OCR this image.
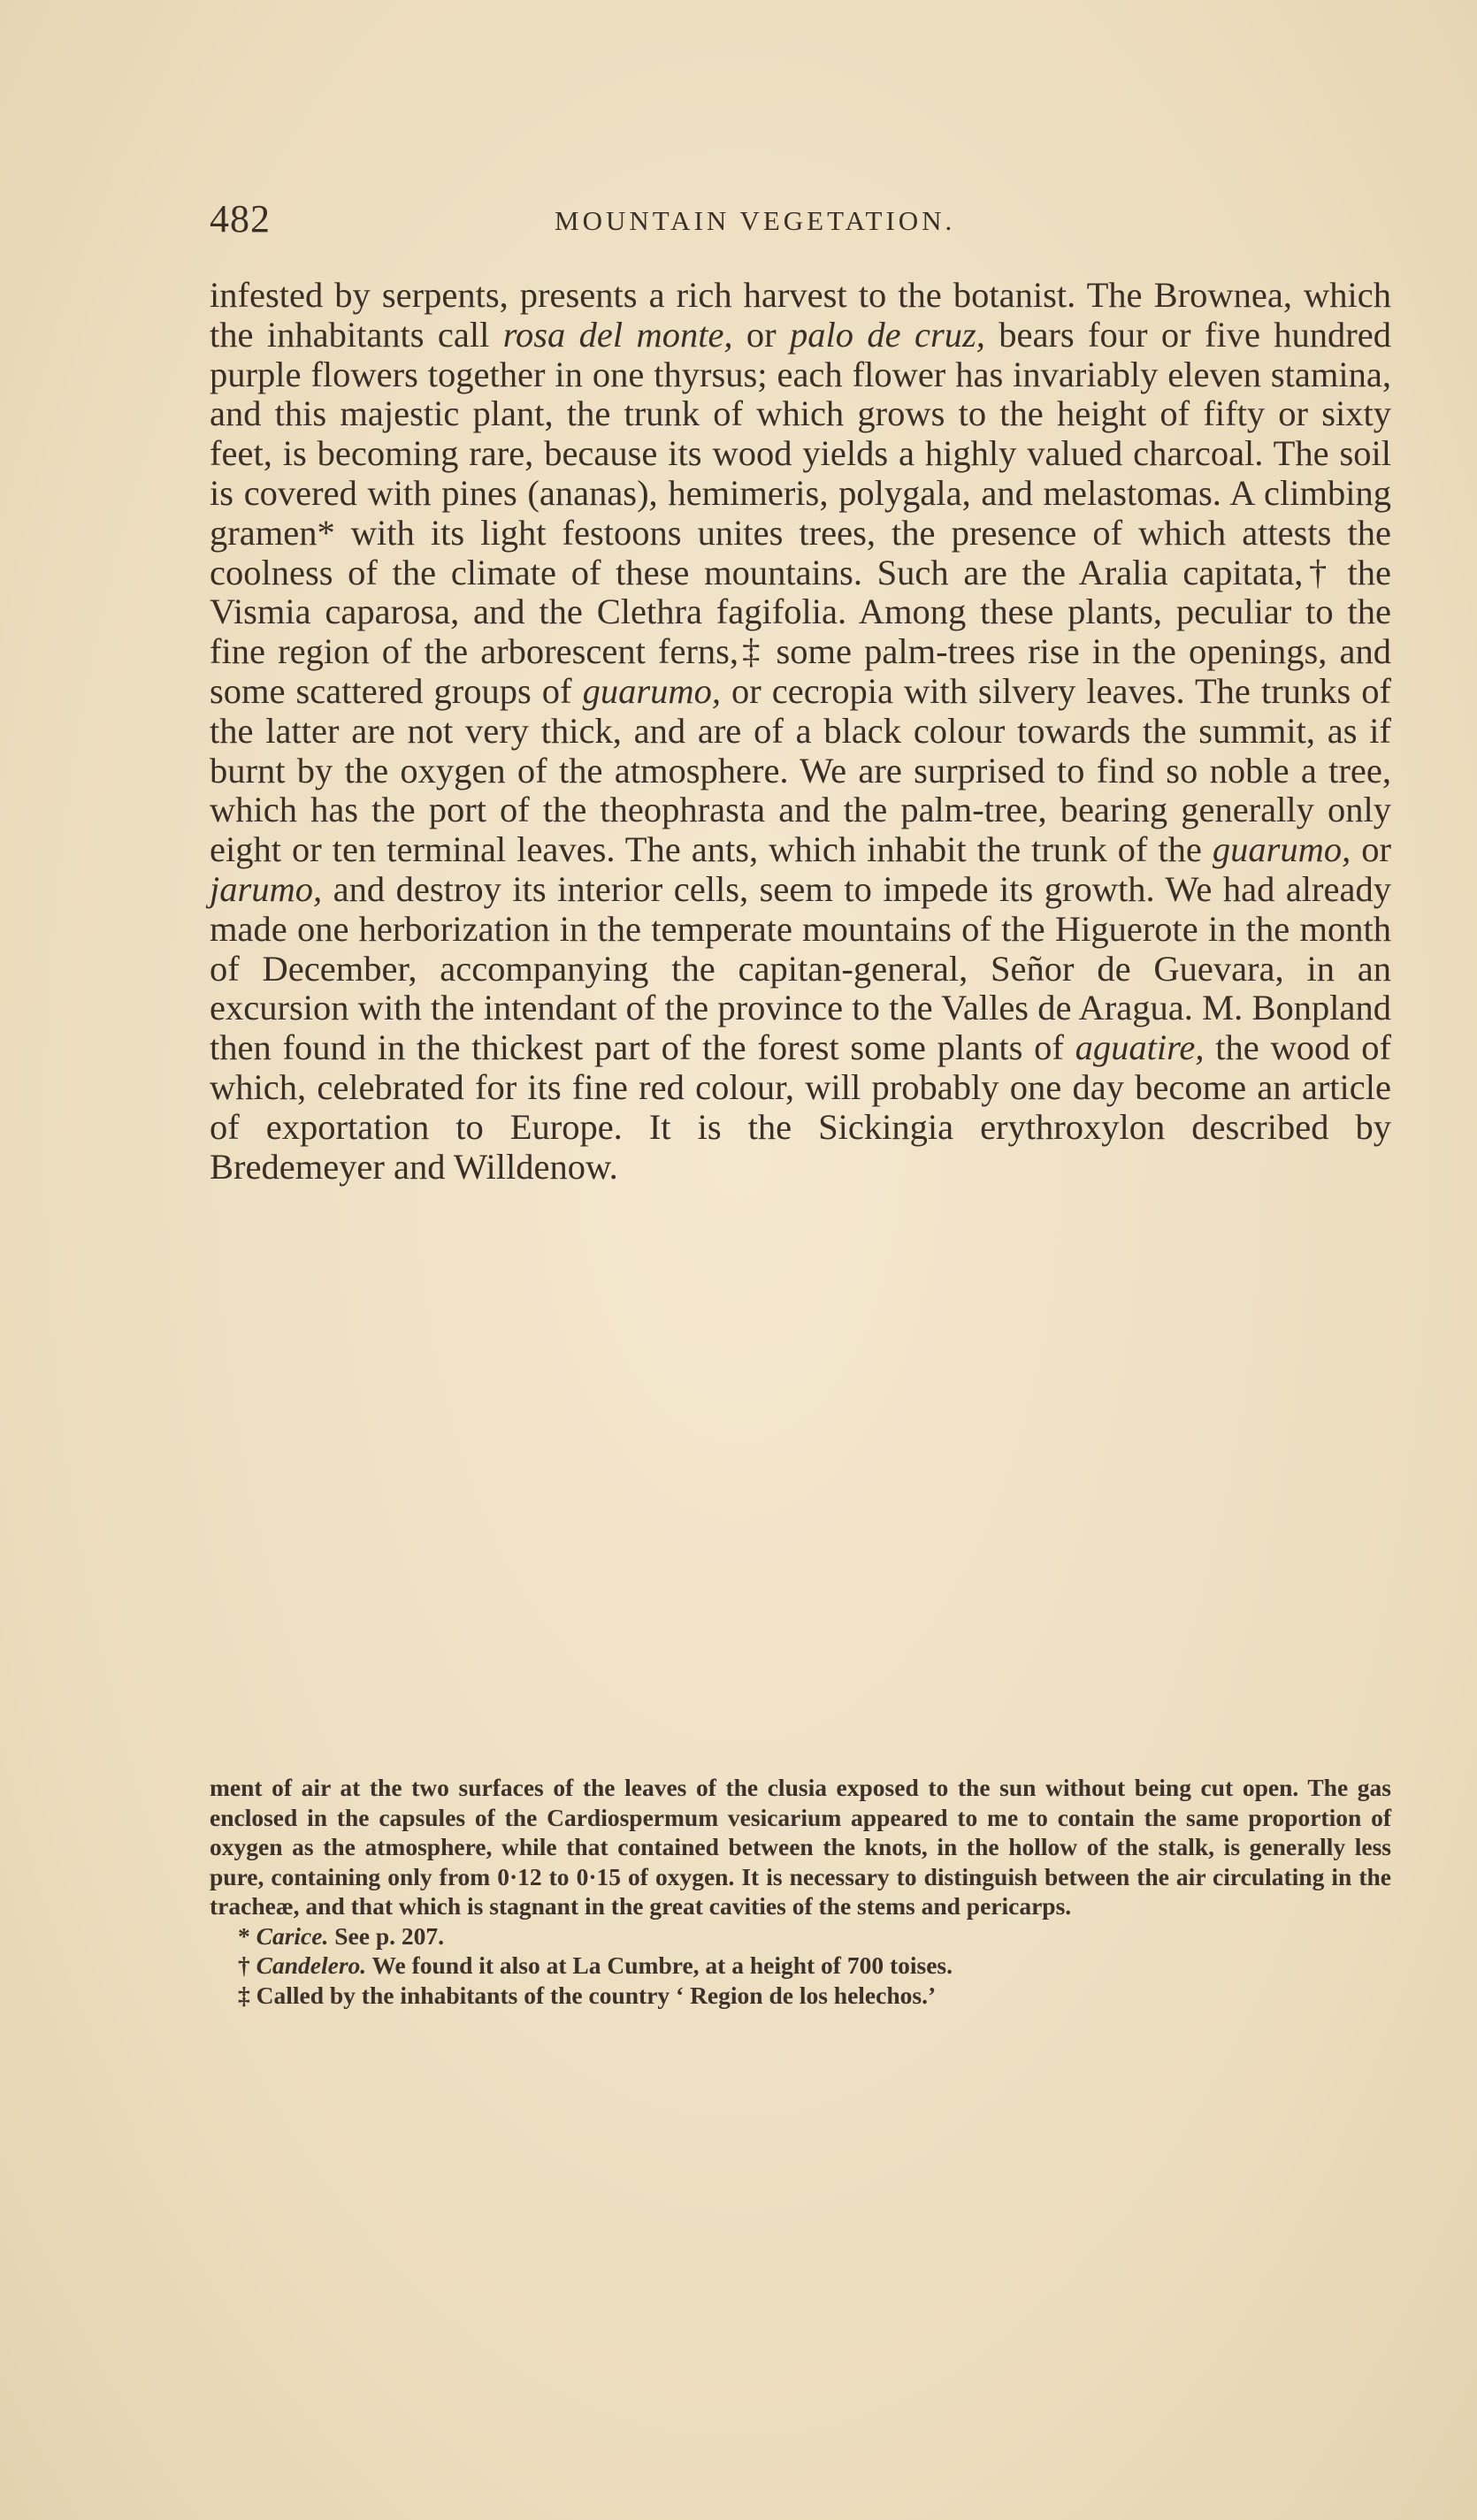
482	MOUNTAIN VEGETATION.

infested by serpents, presents a rich harvest to the botanist. The Brownea, which the inhabitants call rosa del monte, or palo de cruz, bears four or five hundred purple flowers together in one thyrsus; each flower has invariably eleven stamina, and this majestic plant, the trunk of which grows to the height of fifty or sixty feet, is becoming rare, because its wood yields a highly valued charcoal. The soil is covered with pines (ananas), hemimeris, polygala, and melastomas. A climbing gramen* with its light festoons unites trees, the presence of which attests the coolness of the climate of these mountains. Such are the Aralia capitata,† the Vismia caparosa, and the Clethra fagifolia. Among these plants, peculiar to the fine region of the arborescent ferns,‡ some palm-trees rise in the openings, and some scattered groups of guarumo, or cecropia with silvery leaves. The trunks of the latter are not very thick, and are of a black colour towards the summit, as if burnt by the oxygen of the atmosphere. We are surprised to find so noble a tree, which has the port of the theophrasta and the palm-tree, bearing generally only eight or ten terminal leaves. The ants, which inhabit the trunk of the guarumo, or jarumo, and destroy its interior cells, seem to impede its growth. We had already made one herborization in the temperate mountains of the Higuerote in the month of December, accompanying the capitan-general, Señor de Guevara, in an excursion with the intendant of the province to the Valles de Aragua. M. Bonpland then found in the thickest part of the forest some plants of aguatire, the wood of which, celebrated for its fine red colour, will probably one day become an article of exportation to Europe. It is the Sickingia erythroxylon described by Bredemeyer and Willdenow.

ment of air at the two surfaces of the leaves of the clusia exposed to the sun without being cut open. The gas enclosed in the capsules of the Cardiospermum vesicarium appeared to me to contain the same proportion of oxygen as the atmosphere, while that contained between the knots, in the hollow of the stalk, is generally less pure, containing only from 0·12 to 0·15 of oxygen. It is necessary to distinguish between the air circulating in the tracheæ, and that which is stagnant in the great cavities of the stems and pericarps.

* Carice. See p. 207.

† Candelero. We found it also at La Cumbre, at a height of 700 toises.

‡ Called by the inhabitants of the country ‘ Region de los helechos.’
